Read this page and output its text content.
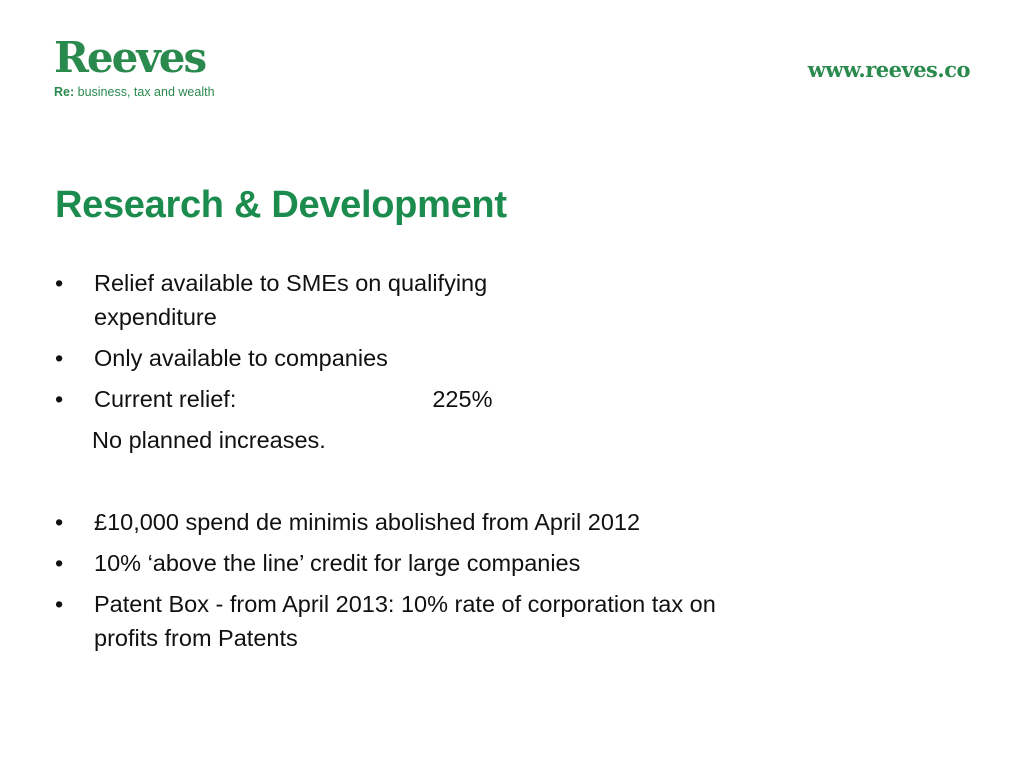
Reeves
Re: business, tax and wealth
www.reeves.co
Research & Development
•	Relief available to SMEs on qualifying
expenditure
•	Only available to companies
•	Current relief:	225%
No planned increases.
•	£10,000 spend de minimis abolished from April 2012
•	10% ‘above the line’ credit for large companies
•	Patent Box - from April 2013: 10% rate of corporation tax on
profits from Patents
